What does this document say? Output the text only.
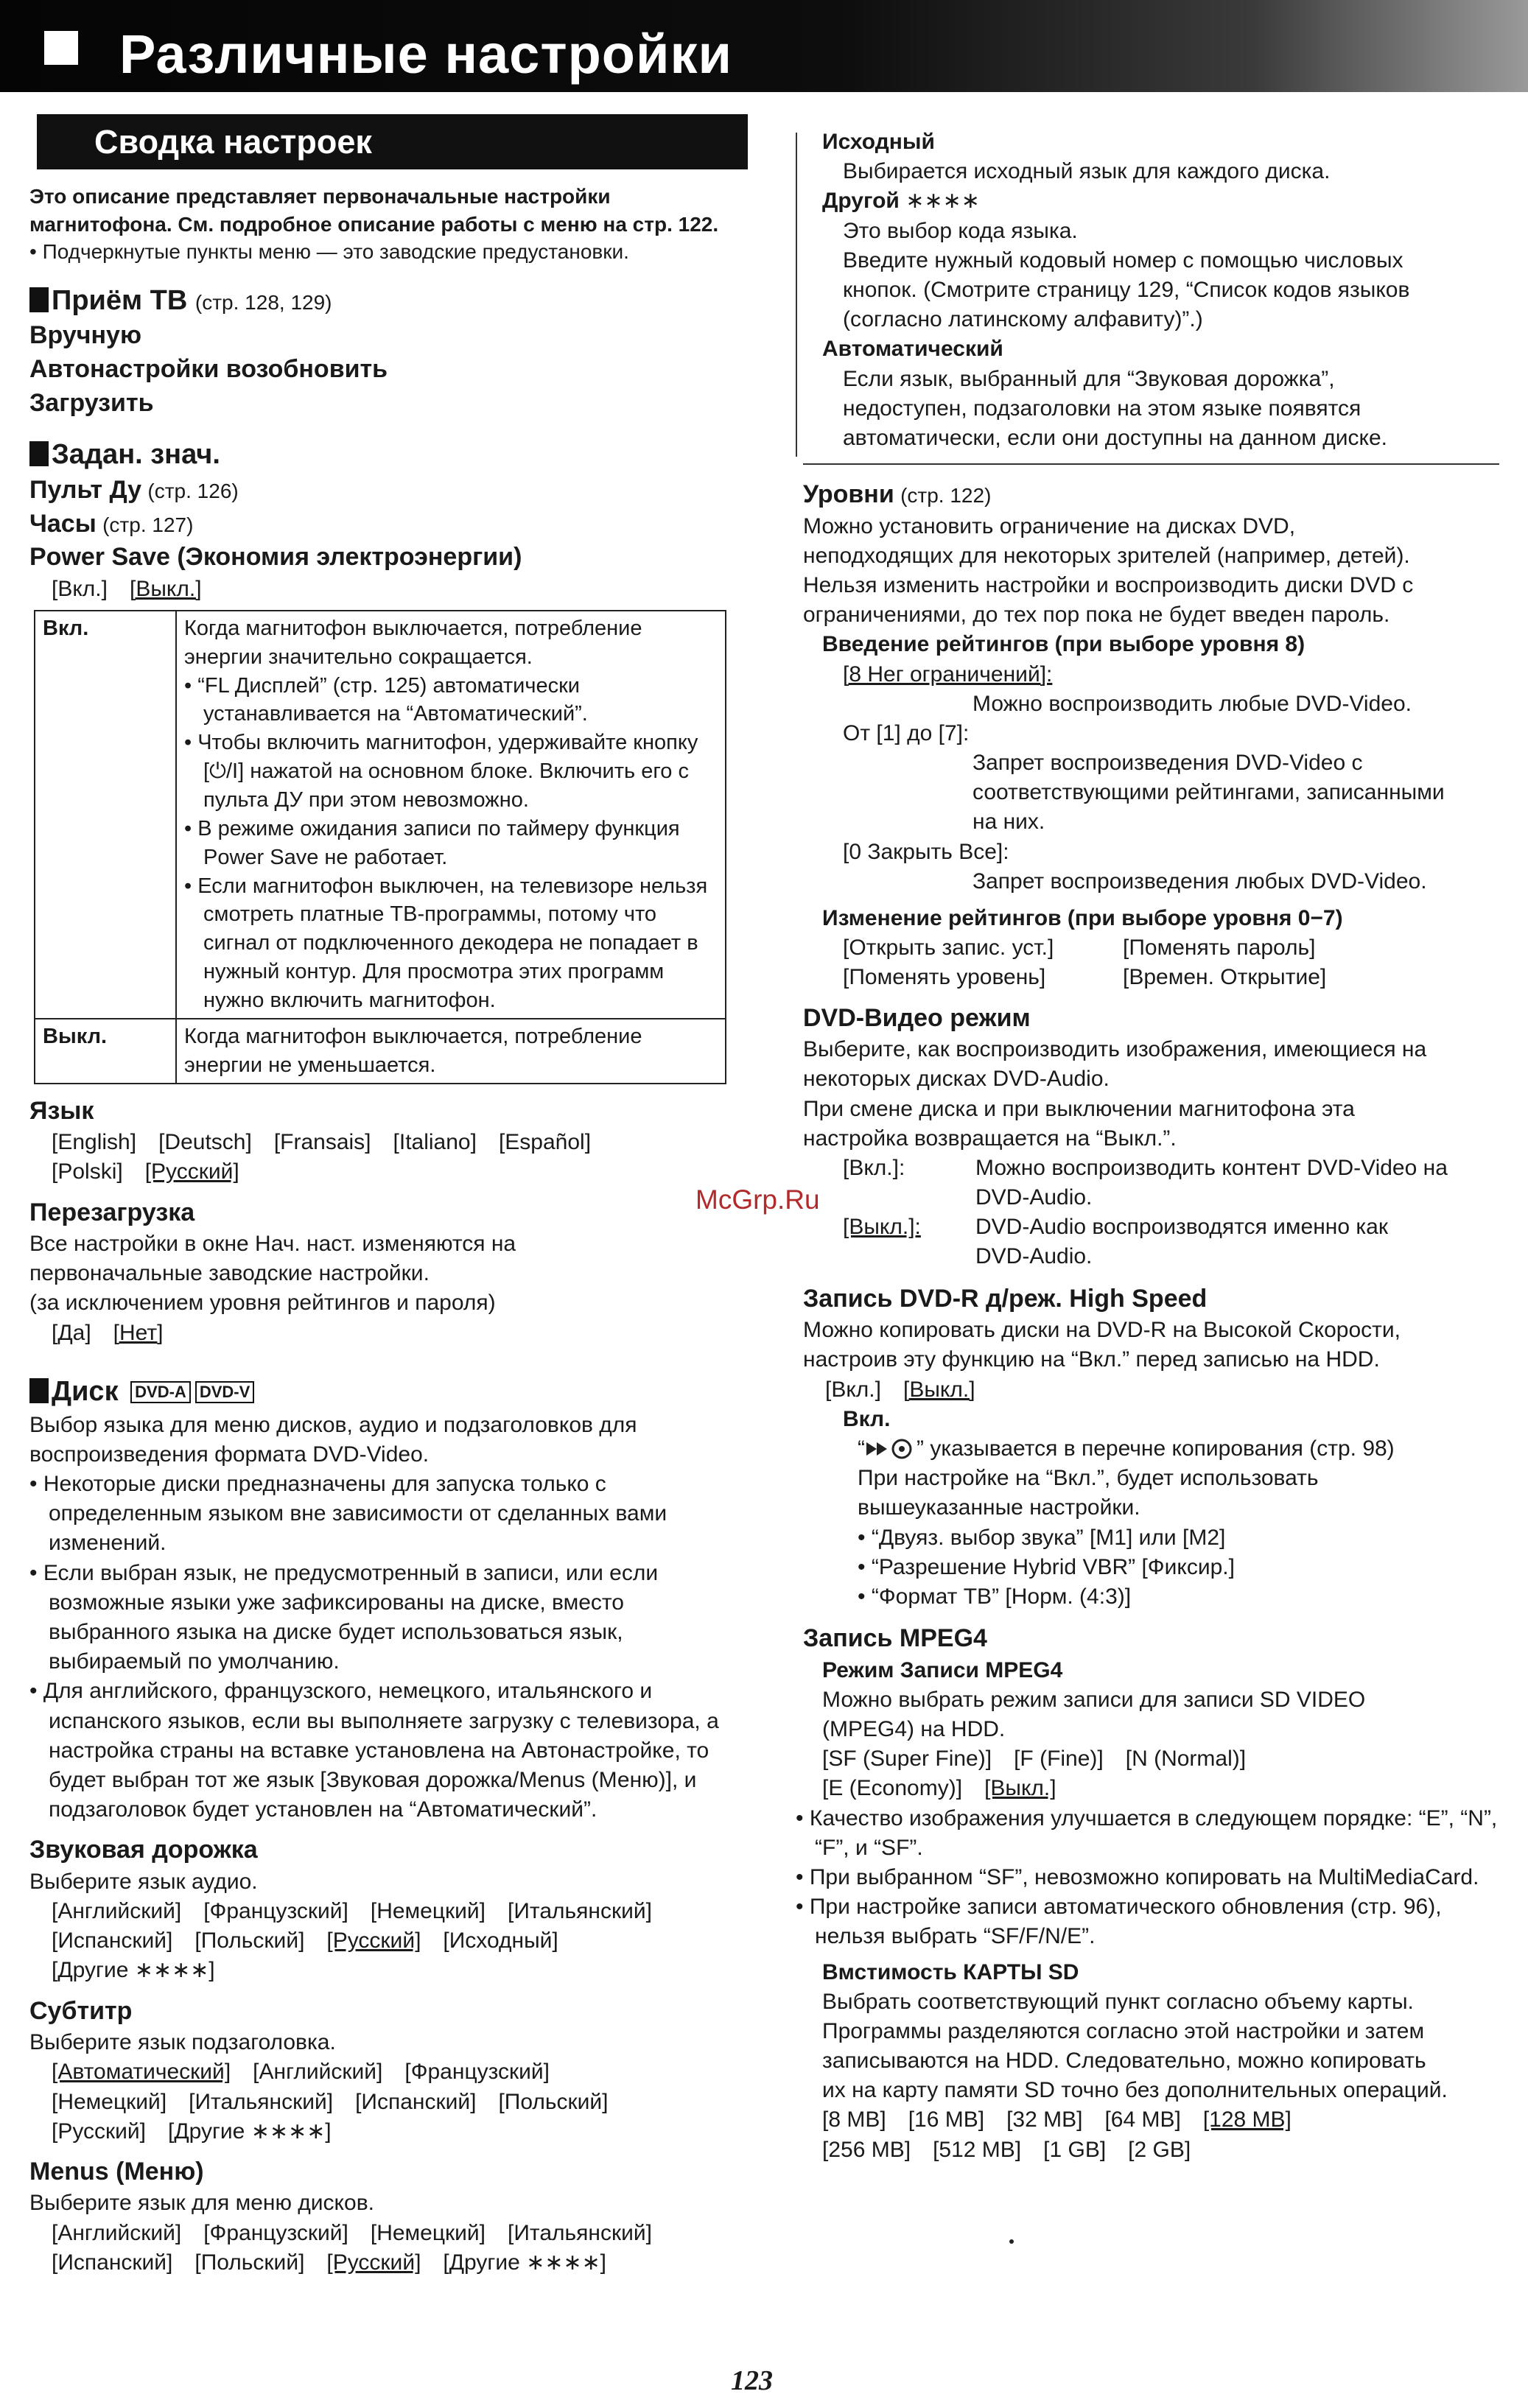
Различные настройки
Сводка настроек
Это описание представляет первоначальные настройки
магнитофона. См. подробное описание работы с меню на стр. 122.
• Подчеркнутые пункты меню — это заводские предустановки.
Приём ТВ (стр. 128, 129)
Вручную
Автонастройки возобновить
Загрузить
Задан. знач.
Пульт Ду (стр. 126)
Часы (стр. 127)
Power Save (Экономия электроэнергии)
[Вкл.] [Выкл.]
Вкл.	Когда магнитофон выключается, потребление энергии значительно сокращается.
• “FL Дисплей” (стр. 125) автоматически устанавливается на “Автоматический”.
• Чтобы включить магнитофон, удерживайте кнопку [⏻/I] нажатой на основном блоке. Включить его с пульта ДУ при этом невозможно.
• В режиме ожидания записи по таймеру функция Power Save не работает.
• Если магнитофон выключен, на телевизоре нельзя смотреть платные ТВ-программы, потому что сигнал от подключенного декодера не попадает в нужный контур. Для просмотра этих программ нужно включить магнитофон.

Выкл.	Когда магнитофон выключается, потребление энергии не уменьшается.
Язык
[English] [Deutsch] [Fransais] [Italiano] [Español]
[Polski] [Русский]
Перезагрузка
Все настройки в окне Нач. наст. изменяются на
первоначальные заводские настройки.
(за исключением уровня рейтингов и пароля)
[Да] [Нет]
Диск DVD-A DVD-V
Выбор языка для меню дисков, аудио и подзаголовков для
воспроизведения формата DVD-Video.
• Некоторые диски предназначены для запуска только с определенным языком вне зависимости от сделанных вами изменений.
• Если выбран язык, не предусмотренный в записи, или если возможные языки уже зафиксированы на диске, вместо выбранного языка на диске будет использоваться язык, выбираемый по умолчанию.
• Для английского, французского, немецкого, итальянского и испанского языков, если вы выполняете загрузку с телевизора, а настройка страны на вставке установлена на Автонастройке, то будет выбран тот же язык [Звуковая дорожка/Menus (Меню)], и подзаголовок будет установлен на “Автоматический”.
Звуковая дорожка
Выберите язык аудио.
[Английский] [Французский] [Немецкий] [Итальянский]
[Испанский] [Польский] [Русский] [Исходный]
[Другие ∗∗∗∗]
Субтитр
Выберите язык подзаголовка.
[Автоматический] [Английский] [Французский]
[Немецкий] [Итальянский] [Испанский] [Польский]
[Русский] [Другие ∗∗∗∗]
Menus (Меню)
Выберите язык для меню дисков.
[Английский] [Французский] [Немецкий] [Итальянский]
[Испанский] [Польский] [Русский] [Другие ∗∗∗∗]
Исходный
Выбирается исходный язык для каждого диска.
Другой ∗∗∗∗
Это выбор кода языка.
Введите нужный кодовый номер с помощью числовых
кнопок. (Смотрите страницу 129, “Список кодов языков
(согласно латинскому алфавиту)”.)
Автоматический
Если язык, выбранный для “Звуковая дорожка”,
недоступен, подзаголовки на этом языке появятся
автоматически, если они доступны на данном диске.
Уровни (стр. 122)
Можно установить ограничение на дисках DVD,
неподходящих для некоторых зрителей (например, детей).
Нельзя изменить настройки и воспроизводить диски DVD с
ограничениями, до тех пор пока не будет введен пароль.
Введение рейтингов (при выборе уровня 8)
[8 Нег ограничений]:
Можно воспроизводить любые DVD-Video.
От [1] до [7]:
Запрет воспроизведения DVD-Video с
соответствующими рейтингами, записанными
на них.
[0 Закрыть Все]:
Запрет воспроизведения любых DVD-Video.
Изменение рейтингов (при выборе уровня 0−7)
[Открыть запис. уст.]	[Поменять пароль]
[Поменять уровень]	[Времен. Открытие]
DVD-Видео режим
Выберите, как воспроизводить изображения, имеющиеся на
некоторых дисках DVD-Audio.
При смене диска и при выключении магнитофона эта
настройка возвращается на “Выкл.”.
[Вкл.]:	Можно воспроизводить контент DVD-Video на
DVD-Audio.
[Выкл.]:	DVD-Audio воспроизводятся именно как
DVD-Audio.
Запись DVD-R д/реж. High Speed
Можно копировать диски на DVD-R на Высокой Скорости,
настроив эту функцию на “Вкл.” перед записью на HDD.
[Вкл.] [Выкл.]
Вкл.
“ ” указывается в перечне копирования (стр. 98)
При настройке на “Вкл.”, будет использовать
вышеуказанные настройки.
• “Двуяз. выбор звука” [M1] или [M2]
• “Разрешение Hybrid VBR” [Фиксир.]
• “Формат ТВ” [Норм. (4:3)]
Запись MPEG4
Режим Записи MPEG4
Можно выбрать режим записи для записи SD VIDEO
(MPEG4) на HDD.
[SF (Super Fine)] [F (Fine)] [N (Normal)]
[E (Economy)] [Выкл.]
• Качество изображения улучшается в следующем порядке: “E”, “N”, “F”, и “SF”.
• При выбранном “SF”, невозможно копировать на MultiMediaCard.
• При настройке записи автоматического обновления (стр. 96), нельзя выбрать “SF/F/N/E”.
Вмстимость КАРТЫ SD
Выбрать соответствующий пункт согласно объему карты.
Программы разделяются согласно этой настройки и затем
записываются на HDD. Следовательно, можно копировать
их на карту памяти SD точно без дополнительных операций.
[8 MB] [16 MB] [32 MB] [64 MB] [128 MB]
[256 MB] [512 MB] [1 GB] [2 GB]
McGrp.Ru
123
